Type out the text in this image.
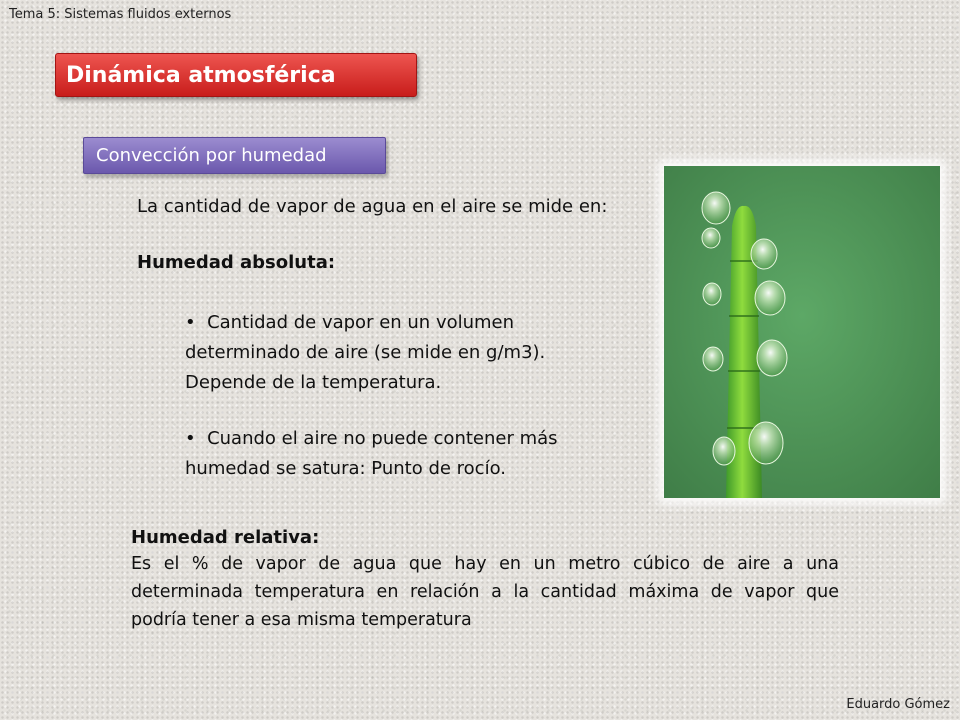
Tema 5: Sistemas fluidos externos
Dinámica atmosférica
Convección por humedad
La cantidad de vapor de agua en el aire se mide en:
Humedad absoluta:
•  Cantidad de vapor en un volumen
determinado de aire (se mide en g/m3).
Depende de la temperatura.
•  Cuando el aire no puede contener más
humedad se satura: Punto de rocío.
Humedad relativa:
Es el % de vapor de agua que hay en un metro cúbico de aire a una determinada temperatura en relación a la cantidad máxima de vapor que podría tener a esa misma temperatura
Eduardo Gómez
